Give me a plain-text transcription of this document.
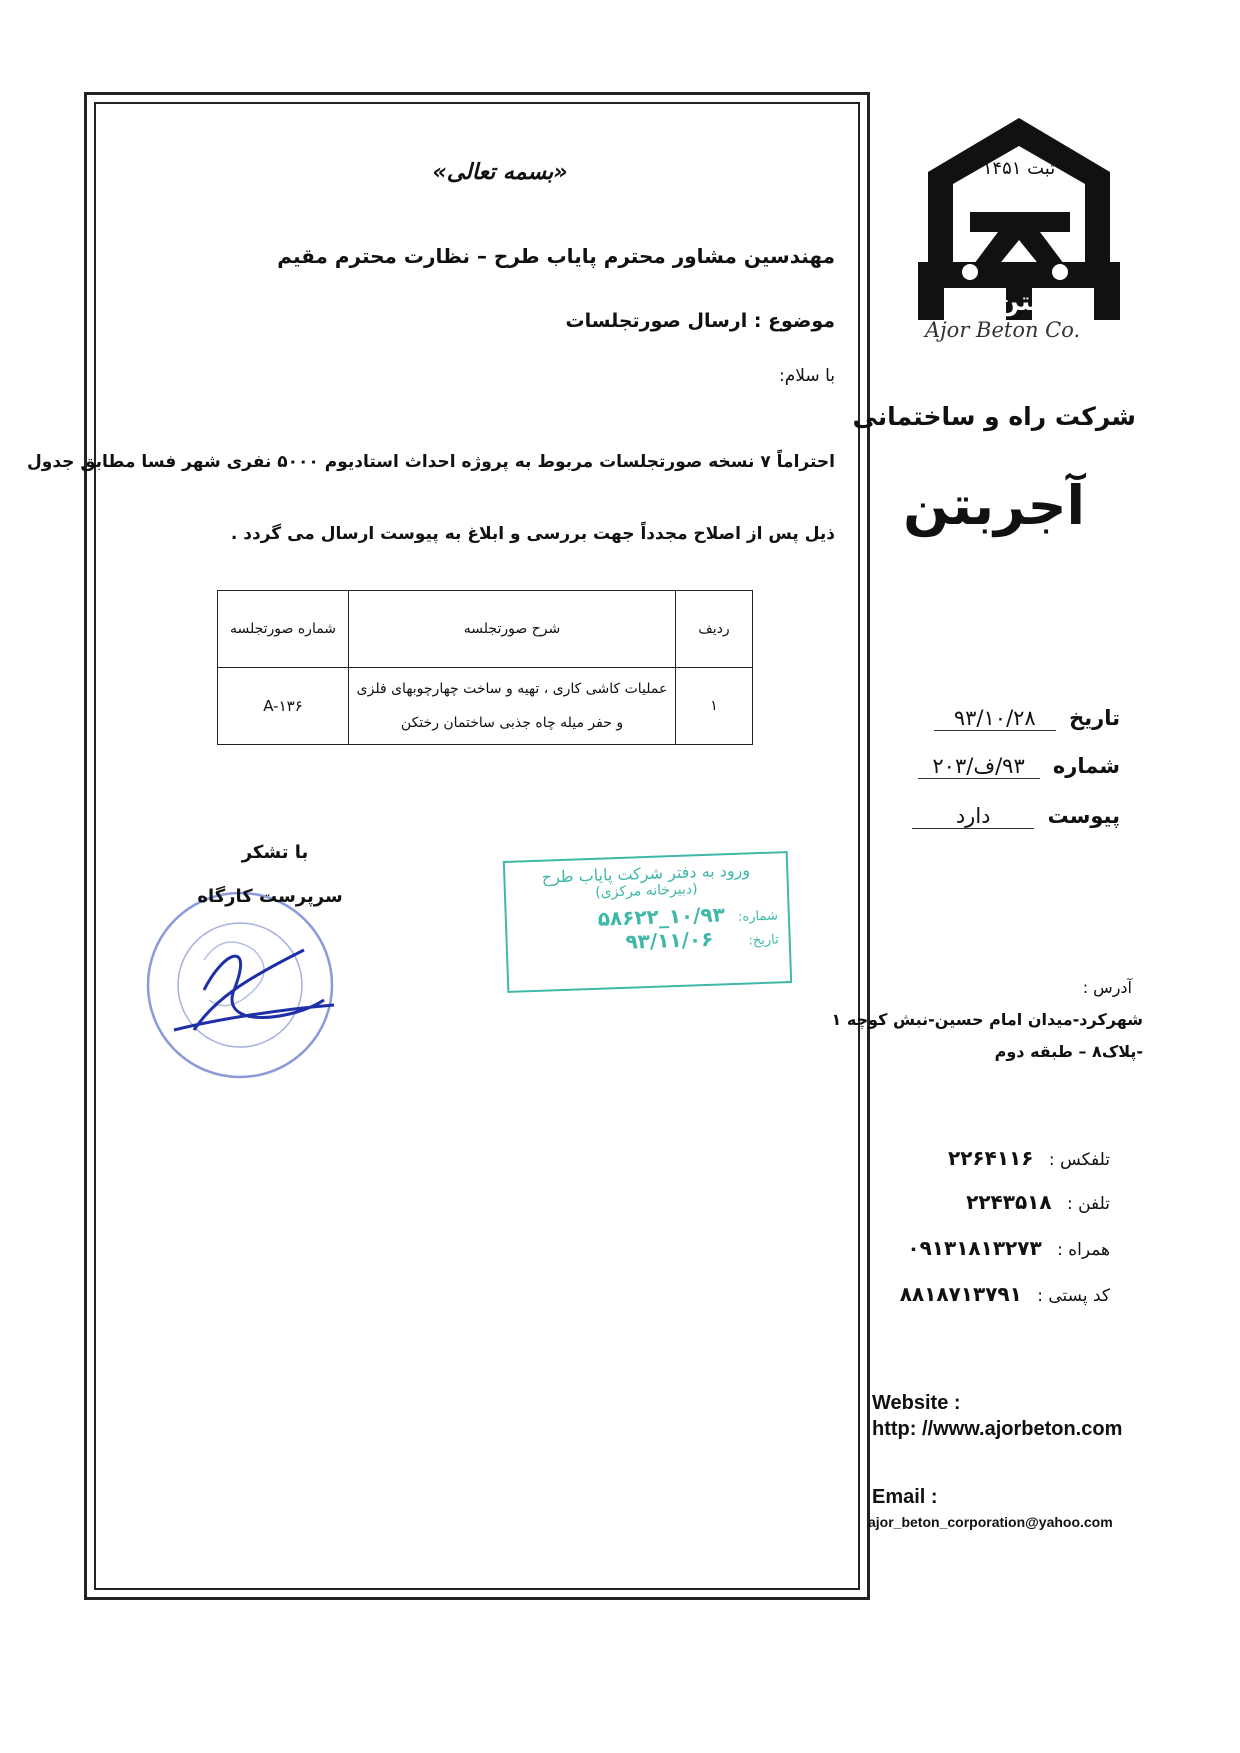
«بسمه تعالی»
مهندسین مشاور محترم پایاب طرح – نظارت محترم مقیم
موضوع : ارسال صورتجلسات
با سلام:
احتراماً ۷ نسخه صورتجلسات مربوط به پروژه احداث استادیوم ۵۰۰۰ نفری شهر فسا مطابق جدول
ذیل پس از اصلاح مجدداً جهت بررسی و ابلاغ به پیوست ارسال می گردد .
ردیف	شرح صورتجلسه	شماره صورتجلسه
۱	عملیات کاشی کاری ، تهیه و ساخت چهارچوبهای فلزی و حفر میله چاه جذبی ساختمان رختکن	A-۱۳۶
با تشکر
سرپرست کارگاه
ورود به دفتر شرکت پایاب طرح
(دبیرخانه مرکزی)
شماره: ۱۰/۹۳_۵۸۶۲۲
تاریخ: ۹۳/۱۱/۰۶
ثبت ۱۴۵۱
بتن
Ajor Beton Co.
شرکت راه و ساختمانی
آجربتن
تاریخ ۹۳/۱۰/۲۸
شماره ۹۳/ف/۲۰۳
پیوست دارد
آدرس :
شهرکرد-میدان امام حسین-نبش کوچه ۱
-پلاک۸ – طبقه دوم
تلفکس : ۲۲۶۴۱۱۶
تلفن : ۲۲۴۳۵۱۸
همراه : ۰۹۱۳۱۸۱۳۲۷۳
کد پستی : ۸۸۱۸۷۱۳۷۹۱
Website :
http: //www.ajorbeton.com
Email :
ajor_beton_corporation@yahoo.com
